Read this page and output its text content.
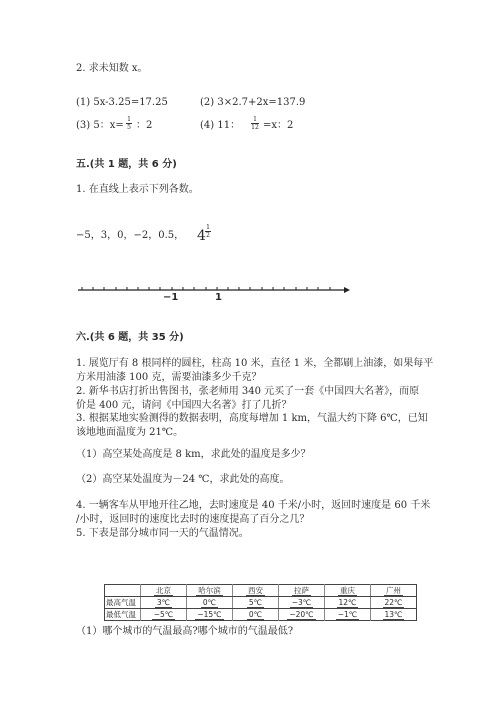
2. 求未知数 x。
(1) 5x-3.25=17.25	(2) 3×2.7+2x=137.9
(3) 5：x=
1
5 ：2	(4) 11：
1
12 =x：2
五.(共 1 题，共 6 分)
1. 在直线上表示下列各数。
−5，3，0，−2，0.5， 4
1
2
−1	1
六.(共 6 题，共 35 分)
1. 展览厅有 8 根同样的圆柱，柱高 10 米，直径 1 米，全都刷上油漆，如果每平
方米用油漆 100 克，需要油漆多少千克？
2. 新华书店打折出售图书，张老师用 340 元买了一套《中国四大名著》，而原
价是 400 元，请问《中国四大名著》打了几折？
3. 根据某地实验测得的数据表明，高度每增加 1 km，气温大约下降 6℃，已知
该地地面温度为 21℃。
（1）高空某处高度是 8 km，求此处的温度是多少？
（2）高空某处温度为－24 ℃，求此处的高度。
4. 一辆客车从甲地开往乙地，去时速度是 40 千米/小时，返回时速度是 60 千米
/小时，返回时的速度比去时的速度提高了百分之几？
5. 下表是部分城市同一天的气温情况。
	北京	哈尔滨	西安	拉萨	重庆	广州
最高气温	3℃	0℃	5℃	−3℃	12℃	22℃
最低气温	−5℃	−15℃	0℃	−20℃	−1℃	13℃
（1）哪个城市的气温最高?哪个城市的气温最低?
